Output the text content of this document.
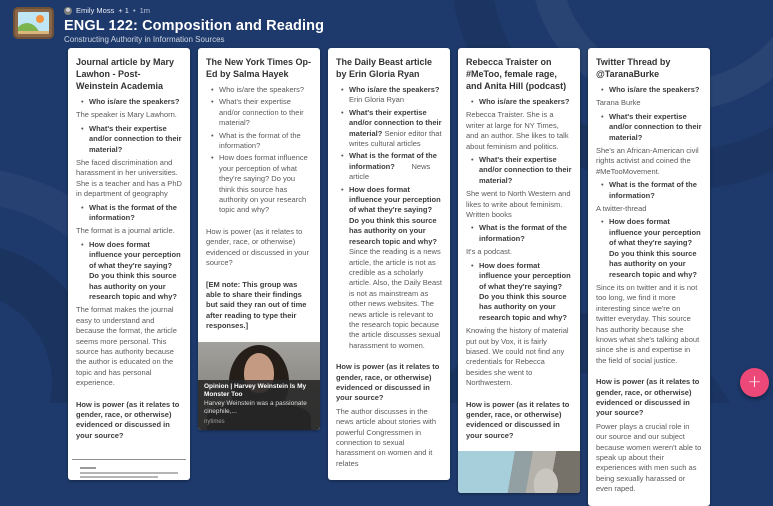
Emily Moss + 1 • 1m
ENGL 122: Composition and Reading
Constructing Authority in Information Sources
Journal article by Mary Lawhon - Post-Weinstein Academia
• Who is/are the speakers?
The speaker is Mary Lawhorn.
• What's their expertise and/or connection to their material?
She faced discrimination and harassment in her universities. She is a teacher and has a PhD in department of geography
• What is the format of the information?
The format is a journal article.
• How does format influence your perception of what they're saying? Do you think this source has authority on your research topic and why?
The format makes the journal easy to understand and because the format, the article seems more personal. This source has authority because the author is educated on the topic and has personal experience.
How is power (as it relates to gender, race, or otherwise) evidenced or discussed in your source?
The New York Times Op-Ed by Salma Hayek
• Who is/are the speakers?
• What's their expertise and/or connection to their material?
• What is the format of the information?
• How does format influence your perception of what they're saying? Do you think this source has authority on your research topic and why?
How is power (as it relates to gender, race, or otherwise) evidenced or discussed in your source?
[EM note: This group was able to share their findings but said they ran out of time after reading to type their responses.]
Opinion | Harvey Weinstein Is My Monster Too
Harvey Weinstein was a passionate cinephile,...
nytimes
The Daily Beast article by Erin Gloria Ryan
• Who is/are the speakers? Erin Gloria Ryan
• What's their expertise and/or connection to their material? Senior editor that writes cultural articles
• What is the format of the information?        News article
• How does format influence your perception of what they're saying? Do you think this source has authority on your research topic and why? Since the reading is a news article, the article is not as credible as a scholarly article. Also, the Daily Beast is not as mainstream as other news websites. The news article is relevant to the research topic because the article discusses sexual harassment to women.
How is power (as it relates to gender, race, or otherwise) evidenced or discussed in your source?
The author discusses in the news article about stories with powerful Congressmen in connection to sexual harassment on women and it relates
Rebecca Traister on #MeToo, female rage, and Anita Hill (podcast)
• Who is/are the speakers?
Rebecca Traister. She is a writer at large for NY Times, and an author. She likes to talk about feminism and politics.
• What's their expertise and/or connection to their material?
She went to North Western and likes to write about feminism. Written books
• What is the format of the information?
It's a podcast.
• How does format influence your perception of what they're saying? Do you think this source has authority on your research topic and why?
Knowing the history of material put out by Vox, it is fairly biased. We could not find any credentials for Rebecca besides she went to Northwestern.
How is power (as it relates to gender, race, or otherwise) evidenced or discussed in your source?
Twitter Thread by @TaranaBurke
• Who is/are the speakers?
Tarana Burke
• What's their expertise and/or connection to their material?
She's an African-American civil rights activist and coined the #MeTooMovement.
• What is the format of the information?
A twitter-thread
• How does format influence your perception of what they're saying? Do you think this source has authority on your research topic and why?
Since its on twitter and it is not too long, we find it more interesting since we're on twitter everyday. This source has authority because she knows what she's talking about since she is and expertise in the field of social justice.
How is power (as it relates to gender, race, or otherwise) evidenced or discussed in your source?
Power plays a crucial role in our source and our subject because women weren't able to speak up about their experiences with men such as being sexually harassed or even raped.
+
